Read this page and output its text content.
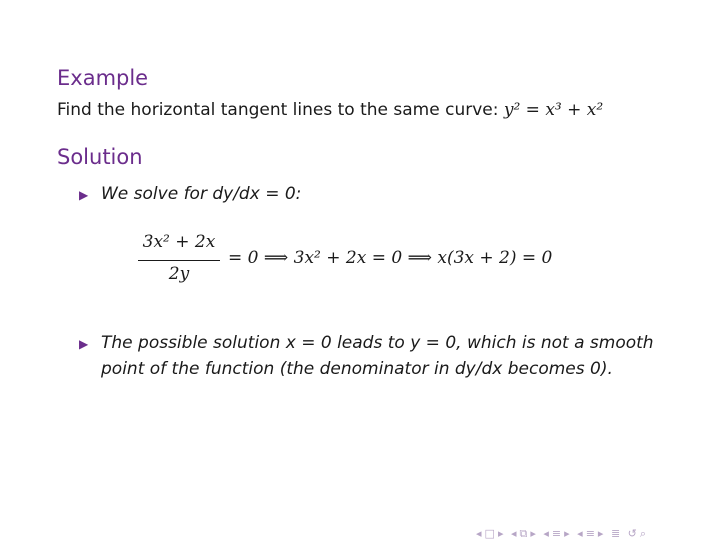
Example
Find the horizontal tangent lines to the same curve: y² = x³ + x²
Solution
▶ We solve for dy/dx = 0:
3x² + 2x
2y
= 0 ⟹ 3x² + 2x = 0 ⟹ x(3x + 2) = 0
▶ The possible solution x = 0 leads to y = 0, which is not a smooth point of the function (the denominator in dy/dx becomes 0).
◂ □ ▸ ◂ ⧉ ▸ ◂ ≡ ▸ ◂ ≡ ▸ ≣ ↺ ⌕
